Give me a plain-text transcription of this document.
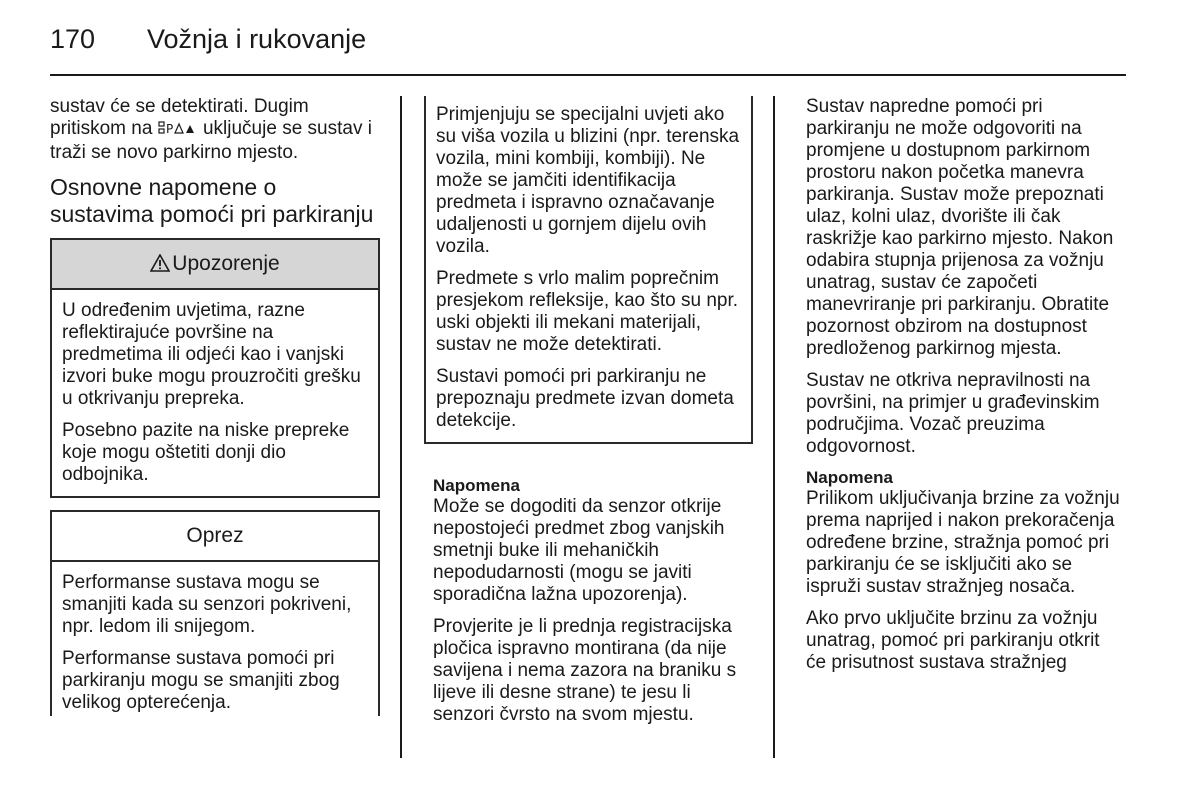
170 Vožnja i rukovanje

sustav će se detektirati. Dugim pritiskom na P uključuje se sustav i traži se novo parkirno mjesto.

Osnovne napomene o sustavima pomoći pri parkiranju
Upozorenje

U određenim uvjetima, razne reflektirajuće površine na predmetima ili odjeći kao i vanjski izvori buke mogu prouzročiti grešku u otkrivanju prepreka.

Posebno pazite na niske prepreke koje mogu oštetiti donji dio odbojnika.

Oprez

Performanse sustava mogu se smanjiti kada su senzori pokriveni, npr. ledom ili snijegom.

Performanse sustava pomoći pri parkiranju mogu se smanjiti zbog velikog opterećenja.

Primjenjuju se specijalni uvjeti ako su viša vozila u blizini (npr. terenska vozila, mini kombiji, kombiji). Ne može se jamčiti identifikacija predmeta i ispravno označavanje udaljenosti u gornjem dijelu ovih vozila.

Predmete s vrlo malim poprečnim presjekom refleksije, kao što su npr. uski objekti ili mekani materijali, sustav ne može detektirati.

Sustavi pomoći pri parkiranju ne prepoznaju predmete izvan dometa detekcije.

Napomena
Može se dogoditi da senzor otkrije nepostojeći predmet zbog vanjskih smetnji buke ili mehaničkih nepodudarnosti (mogu se javiti sporadična lažna upozorenja).

Provjerite je li prednja registracijska pločica ispravno montirana (da nije savijena i nema zazora na braniku s lijeve ili desne strane) te jesu li senzori čvrsto na svom mjestu.

Sustav napredne pomoći pri parkiranju ne može odgovoriti na promjene u dostupnom parkirnom prostoru nakon početka manevra parkiranja. Sustav može prepoznati ulaz, kolni ulaz, dvorište ili čak raskrižje kao parkirno mjesto. Nakon odabira stupnja prijenosa za vožnju unatrag, sustav će započeti manevriranje pri parkiranju. Obratite pozornost obzirom na dostupnost predloženog parkirnog mjesta.

Sustav ne otkriva nepravilnosti na površini, na primjer u građevinskim područjima. Vozač preuzima odgovornost.

Napomena
Prilikom uključivanja brzine za vožnju prema naprijed i nakon prekoračenja određene brzine, stražnja pomoć pri parkiranju će se isključiti ako se ispruži sustav stražnjeg nosača.

Ako prvo uključite brzinu za vožnju unatrag, pomoć pri parkiranju otkrit će prisutnost sustava stražnjeg
